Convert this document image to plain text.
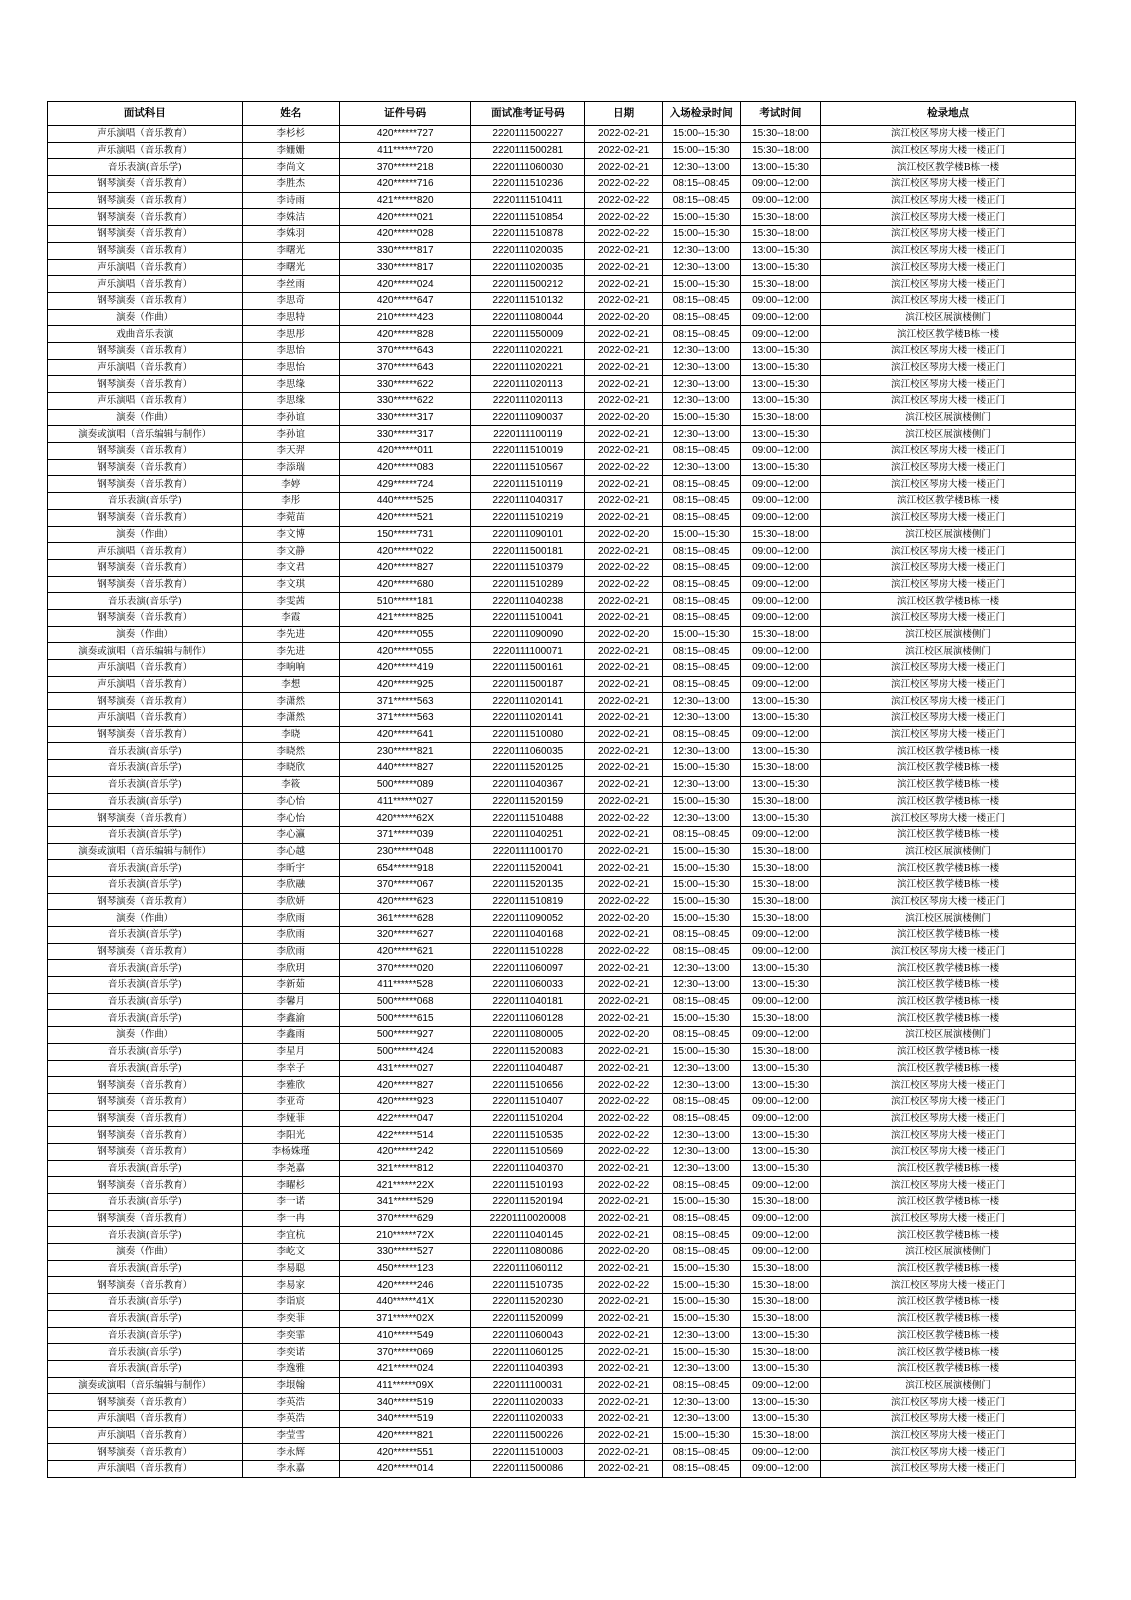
面试科目	姓名	证件号码	面试准考证号码	日期	入场检录时间	考试时间	检录地点
声乐演唱（音乐教育）	李杉杉	420******727	2220111500227	2022-02-21	15:00--15:30	15:30--18:00	滨江校区琴房大楼一楼正门
声乐演唱（音乐教育）	李姗姗	411******720	2220111500281	2022-02-21	15:00--15:30	15:30--18:00	滨江校区琴房大楼一楼正门
音乐表演(音乐学)	李尚文	370******218	2220111060030	2022-02-21	12:30--13:00	13:00--15:30	滨江校区教学楼B栋一楼
钢琴演奏（音乐教育）	李胜杰	420******716	2220111510236	2022-02-22	08:15--08:45	09:00--12:00	滨江校区琴房大楼一楼正门
钢琴演奏（音乐教育）	李诗雨	421******820	2220111510411	2022-02-22	08:15--08:45	09:00--12:00	滨江校区琴房大楼一楼正门
钢琴演奏（音乐教育）	李姝洁	420******021	2220111510854	2022-02-22	15:00--15:30	15:30--18:00	滨江校区琴房大楼一楼正门
钢琴演奏（音乐教育）	李姝羽	420******028	2220111510878	2022-02-22	15:00--15:30	15:30--18:00	滨江校区琴房大楼一楼正门
钢琴演奏（音乐教育）	李曙光	330******817	2220111020035	2022-02-21	12:30--13:00	13:00--15:30	滨江校区琴房大楼一楼正门
声乐演唱（音乐教育）	李曙光	330******817	2220111020035	2022-02-21	12:30--13:00	13:00--15:30	滨江校区琴房大楼一楼正门
声乐演唱（音乐教育）	李丝雨	420******024	2220111500212	2022-02-21	15:00--15:30	15:30--18:00	滨江校区琴房大楼一楼正门
钢琴演奏（音乐教育）	李思奇	420******647	2220111510132	2022-02-21	08:15--08:45	09:00--12:00	滨江校区琴房大楼一楼正门
演奏（作曲）	李思特	210******423	2220111080044	2022-02-20	08:15--08:45	09:00--12:00	滨江校区展演楼侧门
戏曲音乐表演	李思彤	420******828	2220111550009	2022-02-21	08:15--08:45	09:00--12:00	滨江校区教学楼B栋一楼
钢琴演奏（音乐教育）	李思怡	370******643	2220111020221	2022-02-21	12:30--13:00	13:00--15:30	滨江校区琴房大楼一楼正门
声乐演唱（音乐教育）	李思怡	370******643	2220111020221	2022-02-21	12:30--13:00	13:00--15:30	滨江校区琴房大楼一楼正门
钢琴演奏（音乐教育）	李思缘	330******622	2220111020113	2022-02-21	12:30--13:00	13:00--15:30	滨江校区琴房大楼一楼正门
声乐演唱（音乐教育）	李思缘	330******622	2220111020113	2022-02-21	12:30--13:00	13:00--15:30	滨江校区琴房大楼一楼正门
演奏（作曲）	李孙谊	330******317	2220111090037	2022-02-20	15:00--15:30	15:30--18:00	滨江校区展演楼侧门
演奏或演唱（音乐编辑与制作）	李孙谊	330******317	2220111100119	2022-02-21	12:30--13:00	13:00--15:30	滨江校区展演楼侧门
钢琴演奏（音乐教育）	李天羿	420******011	2220111510019	2022-02-21	08:15--08:45	09:00--12:00	滨江校区琴房大楼一楼正门
钢琴演奏（音乐教育）	李添瑞	420******083	2220111510567	2022-02-22	12:30--13:00	13:00--15:30	滨江校区琴房大楼一楼正门
钢琴演奏（音乐教育）	李婷	429******724	2220111510119	2022-02-21	08:15--08:45	09:00--12:00	滨江校区琴房大楼一楼正门
音乐表演(音乐学)	李彤	440******525	2220111040317	2022-02-21	08:15--08:45	09:00--12:00	滨江校区教学楼B栋一楼
钢琴演奏（音乐教育）	李菀苗	420******521	2220111510219	2022-02-21	08:15--08:45	09:00--12:00	滨江校区琴房大楼一楼正门
演奏（作曲）	李文博	150******731	2220111090101	2022-02-20	15:00--15:30	15:30--18:00	滨江校区展演楼侧门
声乐演唱（音乐教育）	李文静	420******022	2220111500181	2022-02-21	08:15--08:45	09:00--12:00	滨江校区琴房大楼一楼正门
钢琴演奏（音乐教育）	李文君	420******827	2220111510379	2022-02-22	08:15--08:45	09:00--12:00	滨江校区琴房大楼一楼正门
钢琴演奏（音乐教育）	李文琪	420******680	2220111510289	2022-02-22	08:15--08:45	09:00--12:00	滨江校区琴房大楼一楼正门
音乐表演(音乐学)	李雯茜	510******181	2220111040238	2022-02-21	08:15--08:45	09:00--12:00	滨江校区教学楼B栋一楼
钢琴演奏（音乐教育）	李霞	421******825	2220111510041	2022-02-21	08:15--08:45	09:00--12:00	滨江校区琴房大楼一楼正门
演奏（作曲）	李先进	420******055	2220111090090	2022-02-20	15:00--15:30	15:30--18:00	滨江校区展演楼侧门
演奏或演唱（音乐编辑与制作）	李先进	420******055	2220111100071	2022-02-21	08:15--08:45	09:00--12:00	滨江校区展演楼侧门
声乐演唱（音乐教育）	李响响	420******419	2220111500161	2022-02-21	08:15--08:45	09:00--12:00	滨江校区琴房大楼一楼正门
声乐演唱（音乐教育）	李想	420******925	2220111500187	2022-02-21	08:15--08:45	09:00--12:00	滨江校区琴房大楼一楼正门
钢琴演奏（音乐教育）	李潇然	371******563	2220111020141	2022-02-21	12:30--13:00	13:00--15:30	滨江校区琴房大楼一楼正门
声乐演唱（音乐教育）	李潇然	371******563	2220111020141	2022-02-21	12:30--13:00	13:00--15:30	滨江校区琴房大楼一楼正门
钢琴演奏（音乐教育）	李晓	420******641	2220111510080	2022-02-21	08:15--08:45	09:00--12:00	滨江校区琴房大楼一楼正门
音乐表演(音乐学)	李晓然	230******821	2220111060035	2022-02-21	12:30--13:00	13:00--15:30	滨江校区教学楼B栋一楼
音乐表演(音乐学)	李晓欣	440******827	2220111520125	2022-02-21	15:00--15:30	15:30--18:00	滨江校区教学楼B栋一楼
音乐表演(音乐学)	李筱	500******089	2220111040367	2022-02-21	12:30--13:00	13:00--15:30	滨江校区教学楼B栋一楼
音乐表演(音乐学)	李心怡	411******027	2220111520159	2022-02-21	15:00--15:30	15:30--18:00	滨江校区教学楼B栋一楼
钢琴演奏（音乐教育）	李心怡	420******62X	2220111510488	2022-02-22	12:30--13:00	13:00--15:30	滨江校区琴房大楼一楼正门
音乐表演(音乐学)	李心瀛	371******039	2220111040251	2022-02-21	08:15--08:45	09:00--12:00	滨江校区教学楼B栋一楼
演奏或演唱（音乐编辑与制作）	李心越	230******048	2220111100170	2022-02-21	15:00--15:30	15:30--18:00	滨江校区展演楼侧门
音乐表演(音乐学)	李昕宇	654******918	2220111520041	2022-02-21	15:00--15:30	15:30--18:00	滨江校区教学楼B栋一楼
音乐表演(音乐学)	李欣融	370******067	2220111520135	2022-02-21	15:00--15:30	15:30--18:00	滨江校区教学楼B栋一楼
钢琴演奏（音乐教育）	李欣妍	420******623	2220111510819	2022-02-22	15:00--15:30	15:30--18:00	滨江校区琴房大楼一楼正门
演奏（作曲）	李欣雨	361******628	2220111090052	2022-02-20	15:00--15:30	15:30--18:00	滨江校区展演楼侧门
音乐表演(音乐学)	李欣雨	320******627	2220111040168	2022-02-21	08:15--08:45	09:00--12:00	滨江校区教学楼B栋一楼
钢琴演奏（音乐教育）	李欣雨	420******621	2220111510228	2022-02-22	08:15--08:45	09:00--12:00	滨江校区琴房大楼一楼正门
音乐表演(音乐学)	李欣玥	370******020	2220111060097	2022-02-21	12:30--13:00	13:00--15:30	滨江校区教学楼B栋一楼
音乐表演(音乐学)	李新茹	411******528	2220111060033	2022-02-21	12:30--13:00	13:00--15:30	滨江校区教学楼B栋一楼
音乐表演(音乐学)	李馨月	500******068	2220111040181	2022-02-21	08:15--08:45	09:00--12:00	滨江校区教学楼B栋一楼
音乐表演(音乐学)	李鑫渝	500******615	2220111060128	2022-02-21	15:00--15:30	15:30--18:00	滨江校区教学楼B栋一楼
演奏（作曲）	李鑫雨	500******927	2220111080005	2022-02-20	08:15--08:45	09:00--12:00	滨江校区展演楼侧门
音乐表演(音乐学)	李星月	500******424	2220111520083	2022-02-21	15:00--15:30	15:30--18:00	滨江校区教学楼B栋一楼
音乐表演(音乐学)	李幸子	431******027	2220111040487	2022-02-21	12:30--13:00	13:00--15:30	滨江校区教学楼B栋一楼
钢琴演奏（音乐教育）	李雅欣	420******827	2220111510656	2022-02-22	12:30--13:00	13:00--15:30	滨江校区琴房大楼一楼正门
钢琴演奏（音乐教育）	李亚奇	420******923	2220111510407	2022-02-22	08:15--08:45	09:00--12:00	滨江校区琴房大楼一楼正门
钢琴演奏（音乐教育）	李娅菲	422******047	2220111510204	2022-02-22	08:15--08:45	09:00--12:00	滨江校区琴房大楼一楼正门
钢琴演奏（音乐教育）	李阳光	422******514	2220111510535	2022-02-22	12:30--13:00	13:00--15:30	滨江校区琴房大楼一楼正门
钢琴演奏（音乐教育）	李杨姝瑾	420******242	2220111510569	2022-02-22	12:30--13:00	13:00--15:30	滨江校区琴房大楼一楼正门
音乐表演(音乐学)	李尧嘉	321******812	2220111040370	2022-02-21	12:30--13:00	13:00--15:30	滨江校区教学楼B栋一楼
钢琴演奏（音乐教育）	李曜杉	421******22X	2220111510193	2022-02-22	08:15--08:45	09:00--12:00	滨江校区琴房大楼一楼正门
音乐表演(音乐学)	李一诺	341******529	2220111520194	2022-02-21	15:00--15:30	15:30--18:00	滨江校区教学楼B栋一楼
钢琴演奏（音乐教育）	李一冉	370******629	22201110020008	2022-02-21	08:15--08:45	09:00--12:00	滨江校区琴房大楼一楼正门
音乐表演(音乐学)	李宜杭	210******72X	2220111040145	2022-02-21	08:15--08:45	09:00--12:00	滨江校区教学楼B栋一楼
演奏（作曲）	李屹文	330******527	2220111080086	2022-02-20	08:15--08:45	09:00--12:00	滨江校区展演楼侧门
音乐表演(音乐学)	李易聪	450******123	2220111060112	2022-02-21	15:00--15:30	15:30--18:00	滨江校区教学楼B栋一楼
钢琴演奏（音乐教育）	李易家	420******246	2220111510735	2022-02-22	15:00--15:30	15:30--18:00	滨江校区琴房大楼一楼正门
音乐表演(音乐学)	李诣宸	440******41X	2220111520230	2022-02-21	15:00--15:30	15:30--18:00	滨江校区教学楼B栋一楼
音乐表演(音乐学)	李奕菲	371******02X	2220111520099	2022-02-21	15:00--15:30	15:30--18:00	滨江校区教学楼B栋一楼
音乐表演(音乐学)	李奕霏	410******549	2220111060043	2022-02-21	12:30--13:00	13:00--15:30	滨江校区教学楼B栋一楼
音乐表演(音乐学)	李奕诺	370******069	2220111060125	2022-02-21	15:00--15:30	15:30--18:00	滨江校区教学楼B栋一楼
音乐表演(音乐学)	李逸雅	421******024	2220111040393	2022-02-21	12:30--13:00	13:00--15:30	滨江校区教学楼B栋一楼
演奏或演唱（音乐编辑与制作）	李垠翰	411******09X	2220111100031	2022-02-21	08:15--08:45	09:00--12:00	滨江校区展演楼侧门
钢琴演奏（音乐教育）	李英浩	340******519	2220111020033	2022-02-21	12:30--13:00	13:00--15:30	滨江校区琴房大楼一楼正门
声乐演唱（音乐教育）	李英浩	340******519	2220111020033	2022-02-21	12:30--13:00	13:00--15:30	滨江校区琴房大楼一楼正门
声乐演唱（音乐教育）	李莹雪	420******821	2220111500226	2022-02-21	15:00--15:30	15:30--18:00	滨江校区琴房大楼一楼正门
钢琴演奏（音乐教育）	李永辉	420******551	2220111510003	2022-02-21	08:15--08:45	09:00--12:00	滨江校区琴房大楼一楼正门
声乐演唱（音乐教育）	李永嘉	420******014	2220111500086	2022-02-21	08:15--08:45	09:00--12:00	滨江校区琴房大楼一楼正门
